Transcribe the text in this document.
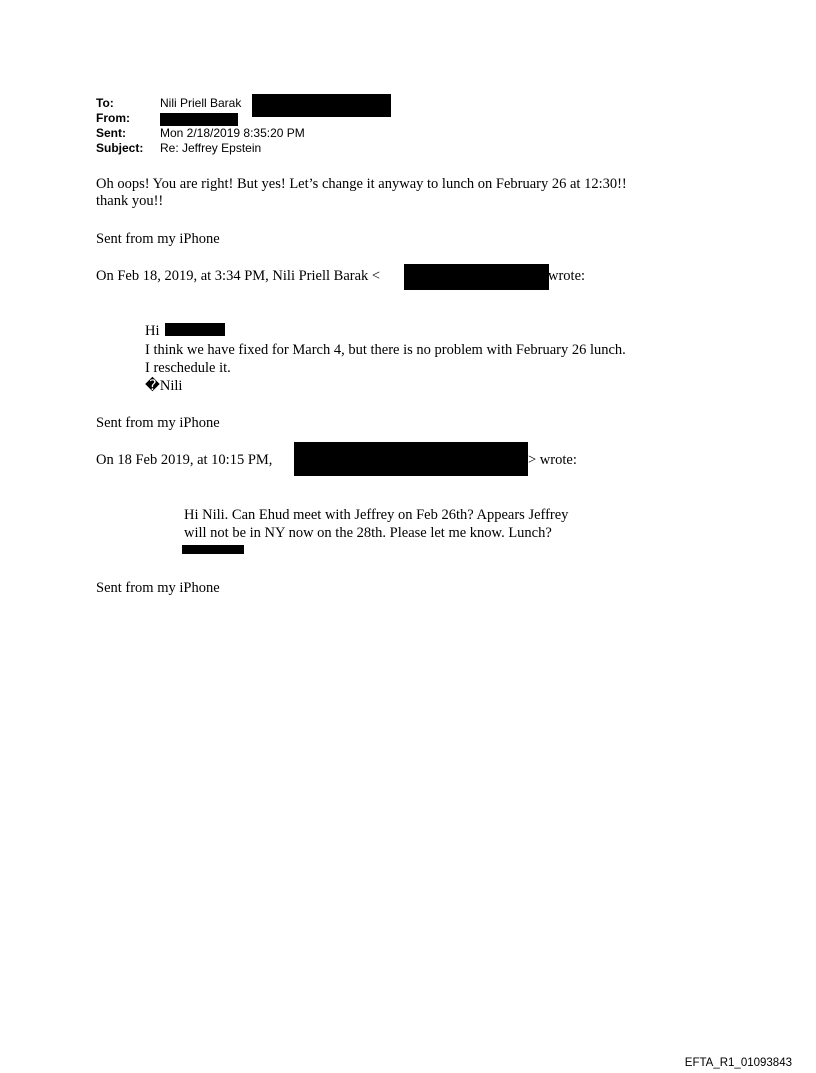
To:	Nili Priell Barak
From:
Sent:	Mon 2/18/2019 8:35:20 PM
Subject: Re: Jeffrey Epstein
Oh oops! You are right! But yes! Let’s change it anyway to lunch on February 26 at 12:30!!
thank you!!
Sent from my iPhone
On Feb 18, 2019, at 3:34 PM, Nili Priell Barak <	wrote:
Hi
I think we have fixed for March 4, but there is no problem with February 26 lunch.
I reschedule it.
�Nili
Sent from my iPhone
On 18 Feb 2019, at 10:15 PM,	> wrote:
Hi Nili. Can Ehud meet with Jeffrey on Feb 26th? Appears Jeffrey
will not be in NY now on the 28th. Please let me know. Lunch?
Sent from my iPhone
EFTA_R1_01093843
